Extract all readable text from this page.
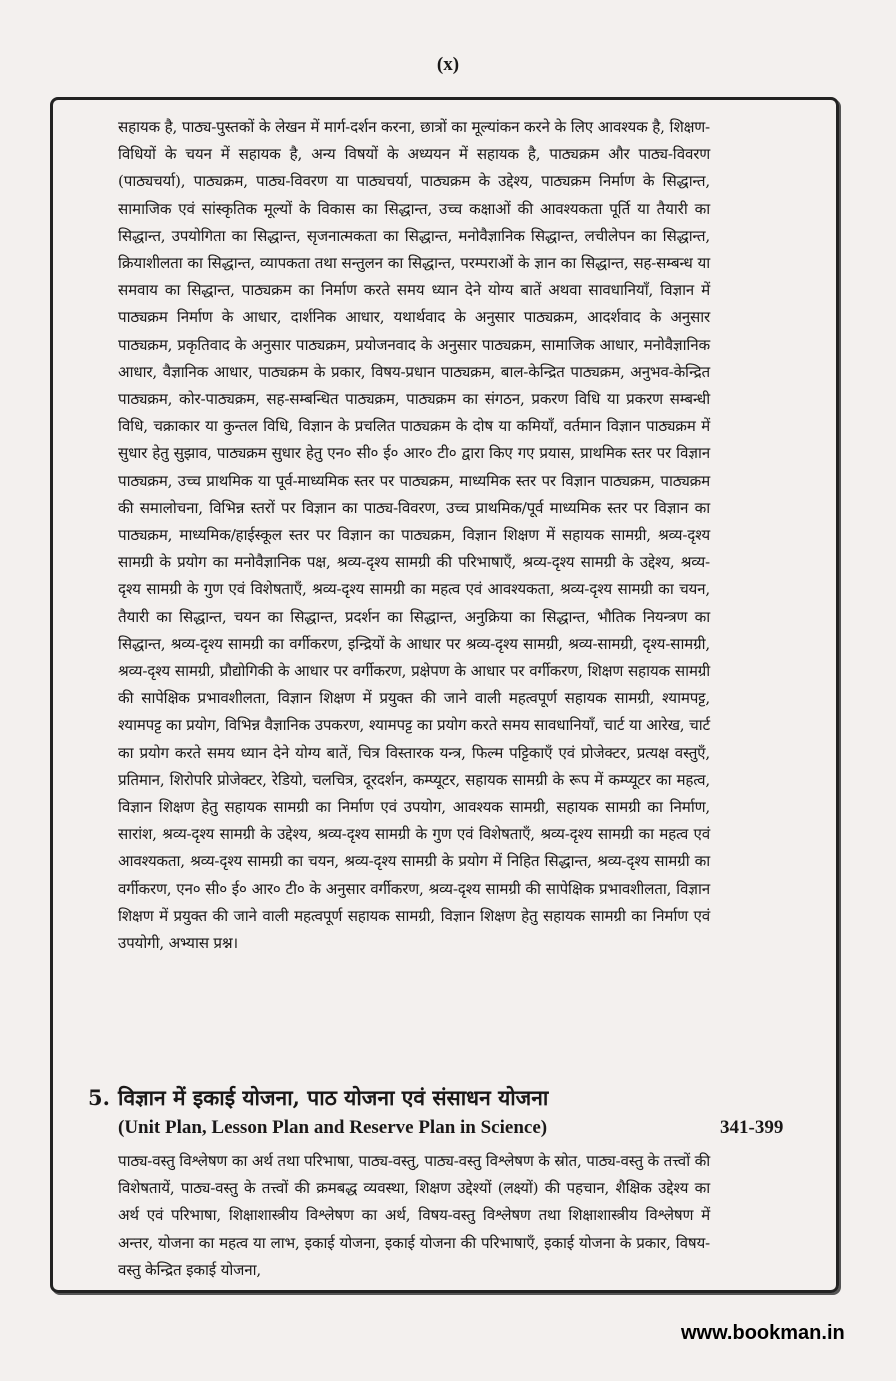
(x)

सहायक है, पाठ्य-पुस्तकों के लेखन में मार्ग-दर्शन करना, छात्रों का मूल्यांकन करने के लिए आवश्यक है, शिक्षण-विधियों के चयन में सहायक है, अन्य विषयों के अध्ययन में सहायक है, पाठ्यक्रम और पाठ्य-विवरण (पाठ्यचर्या), पाठ्यक्रम, पाठ्य-विवरण या पाठ्यचर्या, पाठ्यक्रम के उद्देश्य, पाठ्यक्रम निर्माण के सिद्धान्त, सामाजिक एवं सांस्कृतिक मूल्यों के विकास का सिद्धान्त, उच्च कक्षाओं की आवश्यकता पूर्ति या तैयारी का सिद्धान्त, उपयोगिता का सिद्धान्त, सृजनात्मकता का सिद्धान्त, मनोवैज्ञानिक सिद्धान्त, लचीलेपन का सिद्धान्त, क्रियाशीलता का सिद्धान्त, व्यापकता तथा सन्तुलन का सिद्धान्त, परम्पराओं के ज्ञान का सिद्धान्त, सह-सम्बन्ध या समवाय का सिद्धान्त, पाठ्यक्रम का निर्माण करते समय ध्यान देने योग्य बातें अथवा सावधानियाँ, विज्ञान में पाठ्यक्रम निर्माण के आधार, दार्शनिक आधार, यथार्थवाद के अनुसार पाठ्यक्रम, आदर्शवाद के अनुसार पाठ्यक्रम, प्रकृतिवाद के अनुसार पाठ्यक्रम, प्रयोजनवाद के अनुसार पाठ्यक्रम, सामाजिक आधार, मनोवैज्ञानिक आधार, वैज्ञानिक आधार, पाठ्यक्रम के प्रकार, विषय-प्रधान पाठ्यक्रम, बाल-केन्द्रित पाठ्यक्रम, अनुभव-केन्द्रित पाठ्यक्रम, कोर-पाठ्यक्रम, सह-सम्बन्धित पाठ्यक्रम, पाठ्यक्रम का संगठन, प्रकरण विधि या प्रकरण सम्बन्धी विधि, चक्राकार या कुन्तल विधि, विज्ञान के प्रचलित पाठ्यक्रम के दोष या कमियाँ, वर्तमान विज्ञान पाठ्यक्रम में सुधार हेतु सुझाव, पाठ्यक्रम सुधार हेतु एन० सी० ई० आर० टी० द्वारा किए गए प्रयास, प्राथमिक स्तर पर विज्ञान पाठ्यक्रम, उच्च प्राथमिक या पूर्व-माध्यमिक स्तर पर पाठ्यक्रम, माध्यमिक स्तर पर विज्ञान पाठ्यक्रम, पाठ्यक्रम की समालोचना, विभिन्न स्तरों पर विज्ञान का पाठ्य-विवरण, उच्च प्राथमिक/पूर्व माध्यमिक स्तर पर विज्ञान का पाठ्यक्रम, माध्यमिक/हाईस्कूल स्तर पर विज्ञान का पाठ्यक्रम, विज्ञान शिक्षण में सहायक सामग्री, श्रव्य-दृश्य सामग्री के प्रयोग का मनोवैज्ञानिक पक्ष, श्रव्य-दृश्य सामग्री की परिभाषाएँ, श्रव्य-दृश्य सामग्री के उद्देश्य, श्रव्य-दृश्य सामग्री के गुण एवं विशेषताएँ, श्रव्य-दृश्य सामग्री का महत्व एवं आवश्यकता, श्रव्य-दृश्य सामग्री का चयन, तैयारी का सिद्धान्त, चयन का सिद्धान्त, प्रदर्शन का सिद्धान्त, अनुक्रिया का सिद्धान्त, भौतिक नियन्त्रण का सिद्धान्त, श्रव्य-दृश्य सामग्री का वर्गीकरण, इन्द्रियों के आधार पर श्रव्य-दृश्य सामग्री, श्रव्य-सामग्री, दृश्य-सामग्री, श्रव्य-दृश्य सामग्री, प्रौद्योगिकी के आधार पर वर्गीकरण, प्रक्षेपण के आधार पर वर्गीकरण, शिक्षण सहायक सामग्री की सापेक्षिक प्रभावशीलता, विज्ञान शिक्षण में प्रयुक्त की जाने वाली महत्वपूर्ण सहायक सामग्री, श्यामपट्ट, श्यामपट्ट का प्रयोग, विभिन्न वैज्ञानिक उपकरण, श्यामपट्ट का प्रयोग करते समय सावधानियाँ, चार्ट या आरेख, चार्ट का प्रयोग करते समय ध्यान देने योग्य बातें, चित्र विस्तारक यन्त्र, फिल्म पट्टिकाएँ एवं प्रोजेक्टर, प्रत्यक्ष वस्तुएँ, प्रतिमान, शिरोपरि प्रोजेक्टर, रेडियो, चलचित्र, दूरदर्शन, कम्प्यूटर, सहायक सामग्री के रूप में कम्प्यूटर का महत्व, विज्ञान शिक्षण हेतु सहायक सामग्री का निर्माण एवं उपयोग, आवश्यक सामग्री, सहायक सामग्री का निर्माण, सारांश, श्रव्य-दृश्य सामग्री के उद्देश्य, श्रव्य-दृश्य सामग्री के गुण एवं विशेषताएँ, श्रव्य-दृश्य सामग्री का महत्व एवं आवश्यकता, श्रव्य-दृश्य सामग्री का चयन, श्रव्य-दृश्य सामग्री के प्रयोग में निहित सिद्धान्त, श्रव्य-दृश्य सामग्री का वर्गीकरण, एन० सी० ई० आर० टी० के अनुसार वर्गीकरण, श्रव्य-दृश्य सामग्री की सापेक्षिक प्रभावशीलता, विज्ञान शिक्षण में प्रयुक्त की जाने वाली महत्वपूर्ण सहायक सामग्री, विज्ञान शिक्षण हेतु सहायक सामग्री का निर्माण एवं उपयोगी, अभ्यास प्रश्न।

5. विज्ञान में इकाई योजना, पाठ योजना एवं संसाधन योजना
(Unit Plan, Lesson Plan and Reserve Plan in Science)	341-399

पाठ्य-वस्तु विश्लेषण का अर्थ तथा परिभाषा, पाठ्य-वस्तु, पाठ्य-वस्तु विश्लेषण के स्रोत, पाठ्य-वस्तु के तत्त्वों की विशेषतायें, पाठ्य-वस्तु के तत्त्वों की क्रमबद्ध व्यवस्था, शिक्षण उद्देश्यों (लक्ष्यों) की पहचान, शैक्षिक उद्देश्य का अर्थ एवं परिभाषा, शिक्षाशास्त्रीय विश्लेषण का अर्थ, विषय-वस्तु विश्लेषण तथा शिक्षाशास्त्रीय विश्लेषण में अन्तर, योजना का महत्व या लाभ, इकाई योजना, इकाई योजना की परिभाषाएँ, इकाई योजना के प्रकार, विषय-वस्तु केन्द्रित इकाई योजना,

www.bookman.in
